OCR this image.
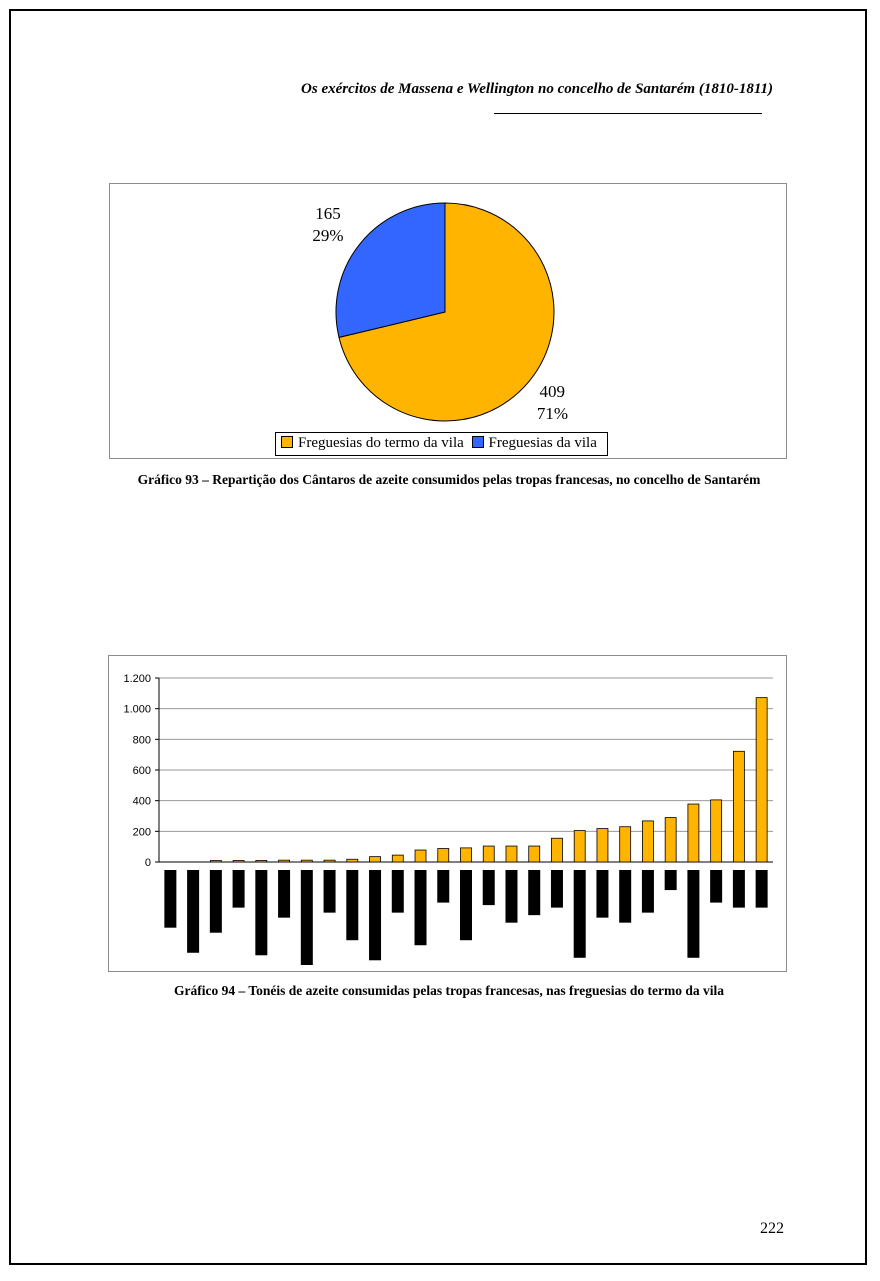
Os exércitos de Massena e Wellington no concelho de Santarém (1810-1811)
409
71%
165
29%
Freguesias do termo da vila Freguesias da vila
Gráfico 93 – Repartição dos Cântaros de azeite consumidos pelas tropas francesas, no concelho de Santarém
0
200
400
600
800
1.000
1.200
Gráfico 94 – Tonéis de azeite consumidas pelas tropas francesas, nas freguesias do termo da vila
222
